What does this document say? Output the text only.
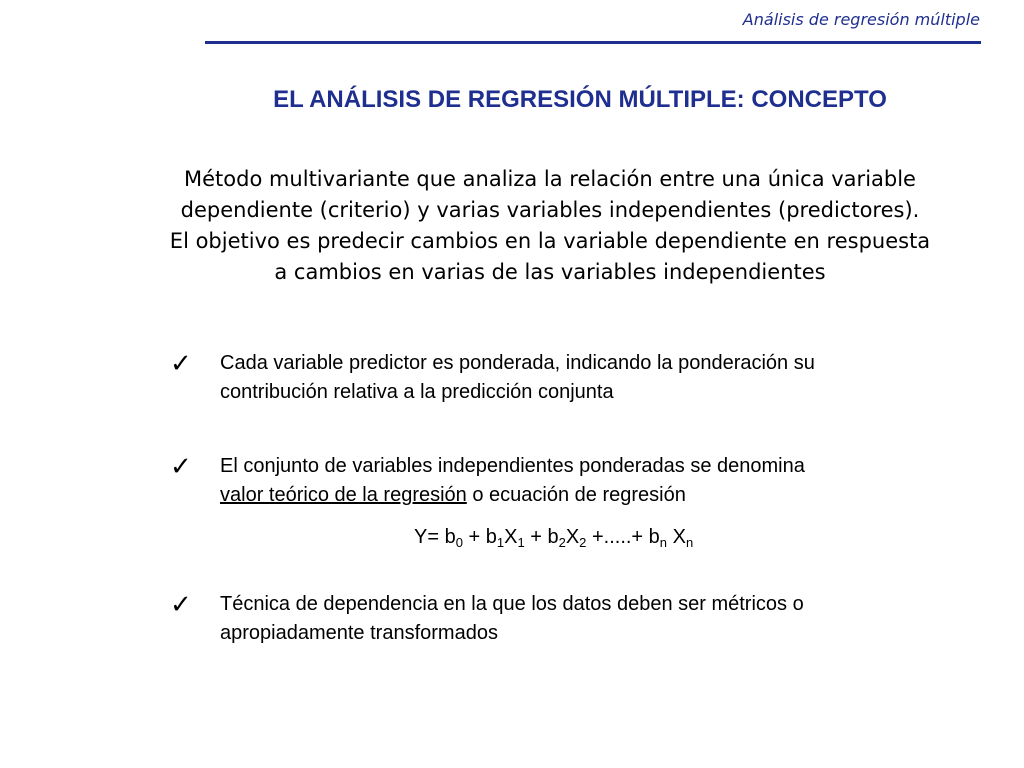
Análisis de regresión múltiple
EL ANÁLISIS DE REGRESIÓN MÚLTIPLE: CONCEPTO
Método multivariante que analiza la relación entre una única variable
dependiente (criterio) y varias variables independientes (predictores).
El objetivo es predecir cambios en la variable dependiente en respuesta
a cambios en varias de las variables independientes
✓ Cada variable predictor es ponderada, indicando la ponderación su
contribución relativa a la predicción conjunta
✓ El conjunto de variables independientes ponderadas se denomina
valor teórico de la regresión o ecuación de regresión
$Y= b_0 + b_1X_1 + b_2X_2$ +.....+ $b_n$ $X_n$
✓ Técnica de dependencia en la que los datos deben ser métricos o
apropiadamente transformados
